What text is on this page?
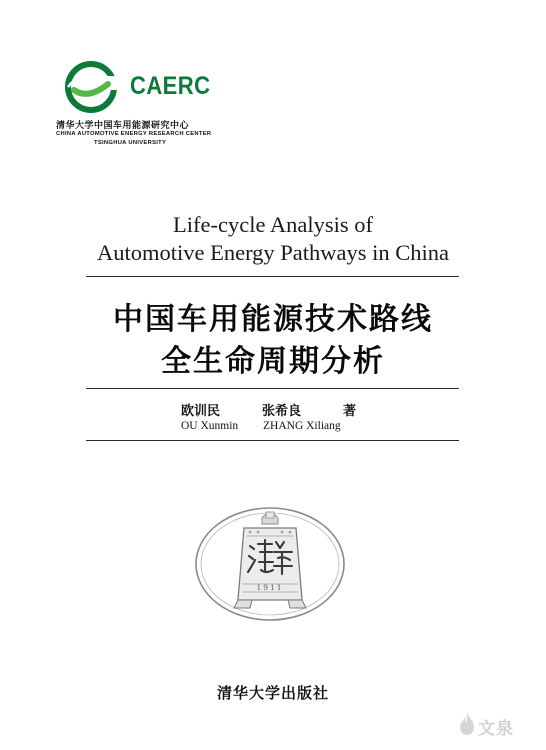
CAERC
清华大学中国车用能源研究中心
CHINA AUTOMOTIVE ENERGY RESEARCH CENTER
TSINGHUA UNIVERSITY
Life-cycle Analysis of
Automotive Energy Pathways in China
中国车用能源技术路线
全生命周期分析
欧训民	张希良	著
OU Xunmin ZHANG Xiliang
1911
清华大学出版社
文泉
